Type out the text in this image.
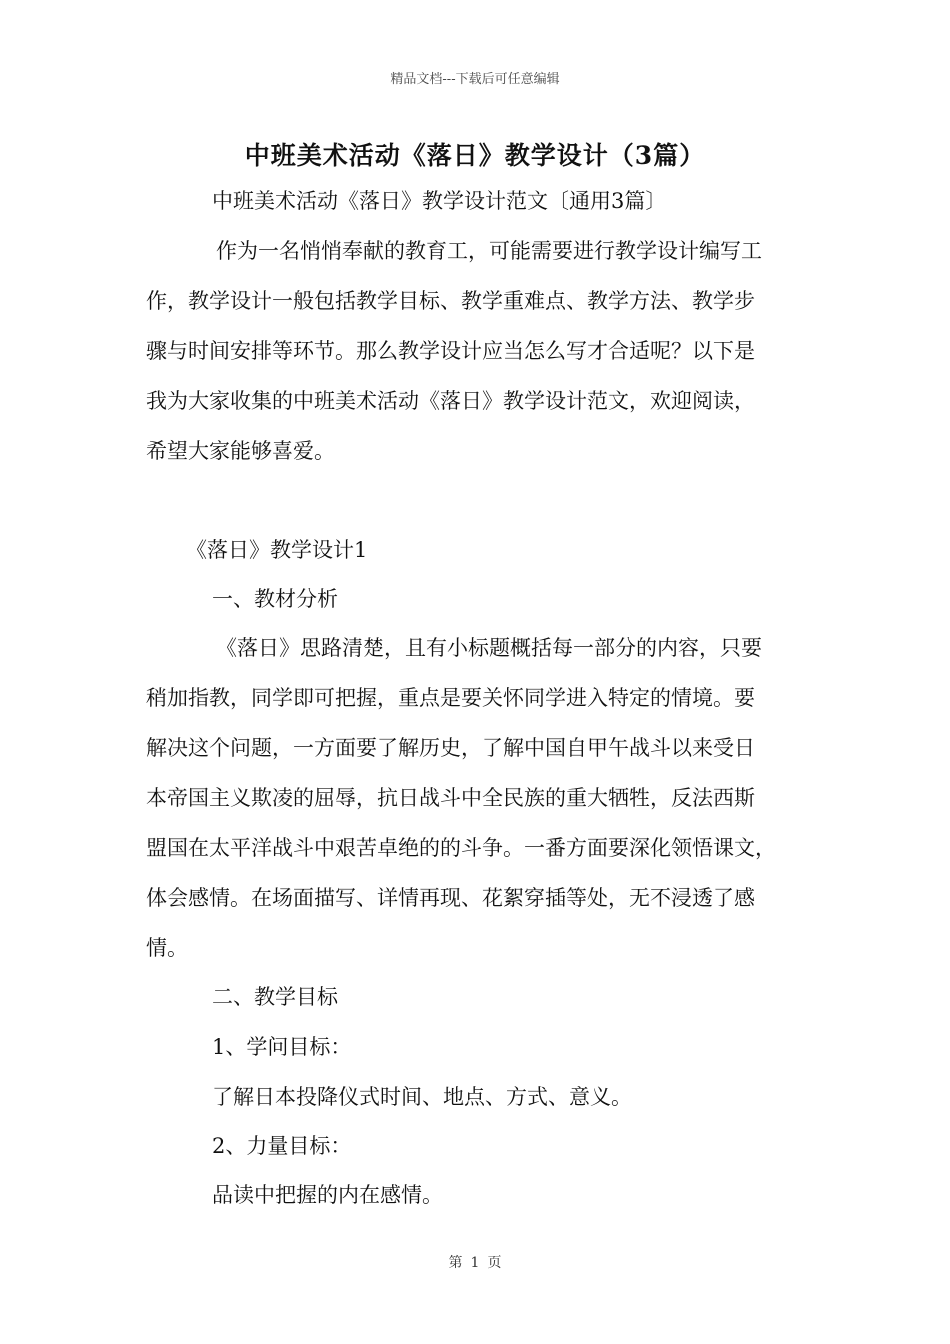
精品文档---下载后可任意编辑
中班美术活动《落日》教学设计（3篇）
中班美术活动《落日》教学设计范文〔通用3篇〕
作为一名悄悄奉献的教育工，可能需要进行教学设计编写工
作，教学设计一般包括教学目标、教学重难点、教学方法、教学步
骤与时间安排等环节。那么教学设计应当怎么写才合适呢？以下是
我为大家收集的中班美术活动《落日》教学设计范文，欢迎阅读，
希望大家能够喜爱。
《落日》教学设计1
一、教材分析
《落日》思路清楚，且有小标题概括每一部分的内容，只要
稍加指教，同学即可把握，重点是要关怀同学进入特定的情境。要
解决这个问题，一方面要了解历史，了解中国自甲午战斗以来受日
本帝国主义欺凌的屈辱，抗日战斗中全民族的重大牺牲，反法西斯
盟国在太平洋战斗中艰苦卓绝的的斗争。一番方面要深化领悟课文，
体会感情。在场面描写、详情再现、花絮穿插等处，无不浸透了感
情。
二、教学目标
1、学问目标：
了解日本投降仪式时间、地点、方式、意义。
2、力量目标：
品读中把握的内在感情。
第 1 页
